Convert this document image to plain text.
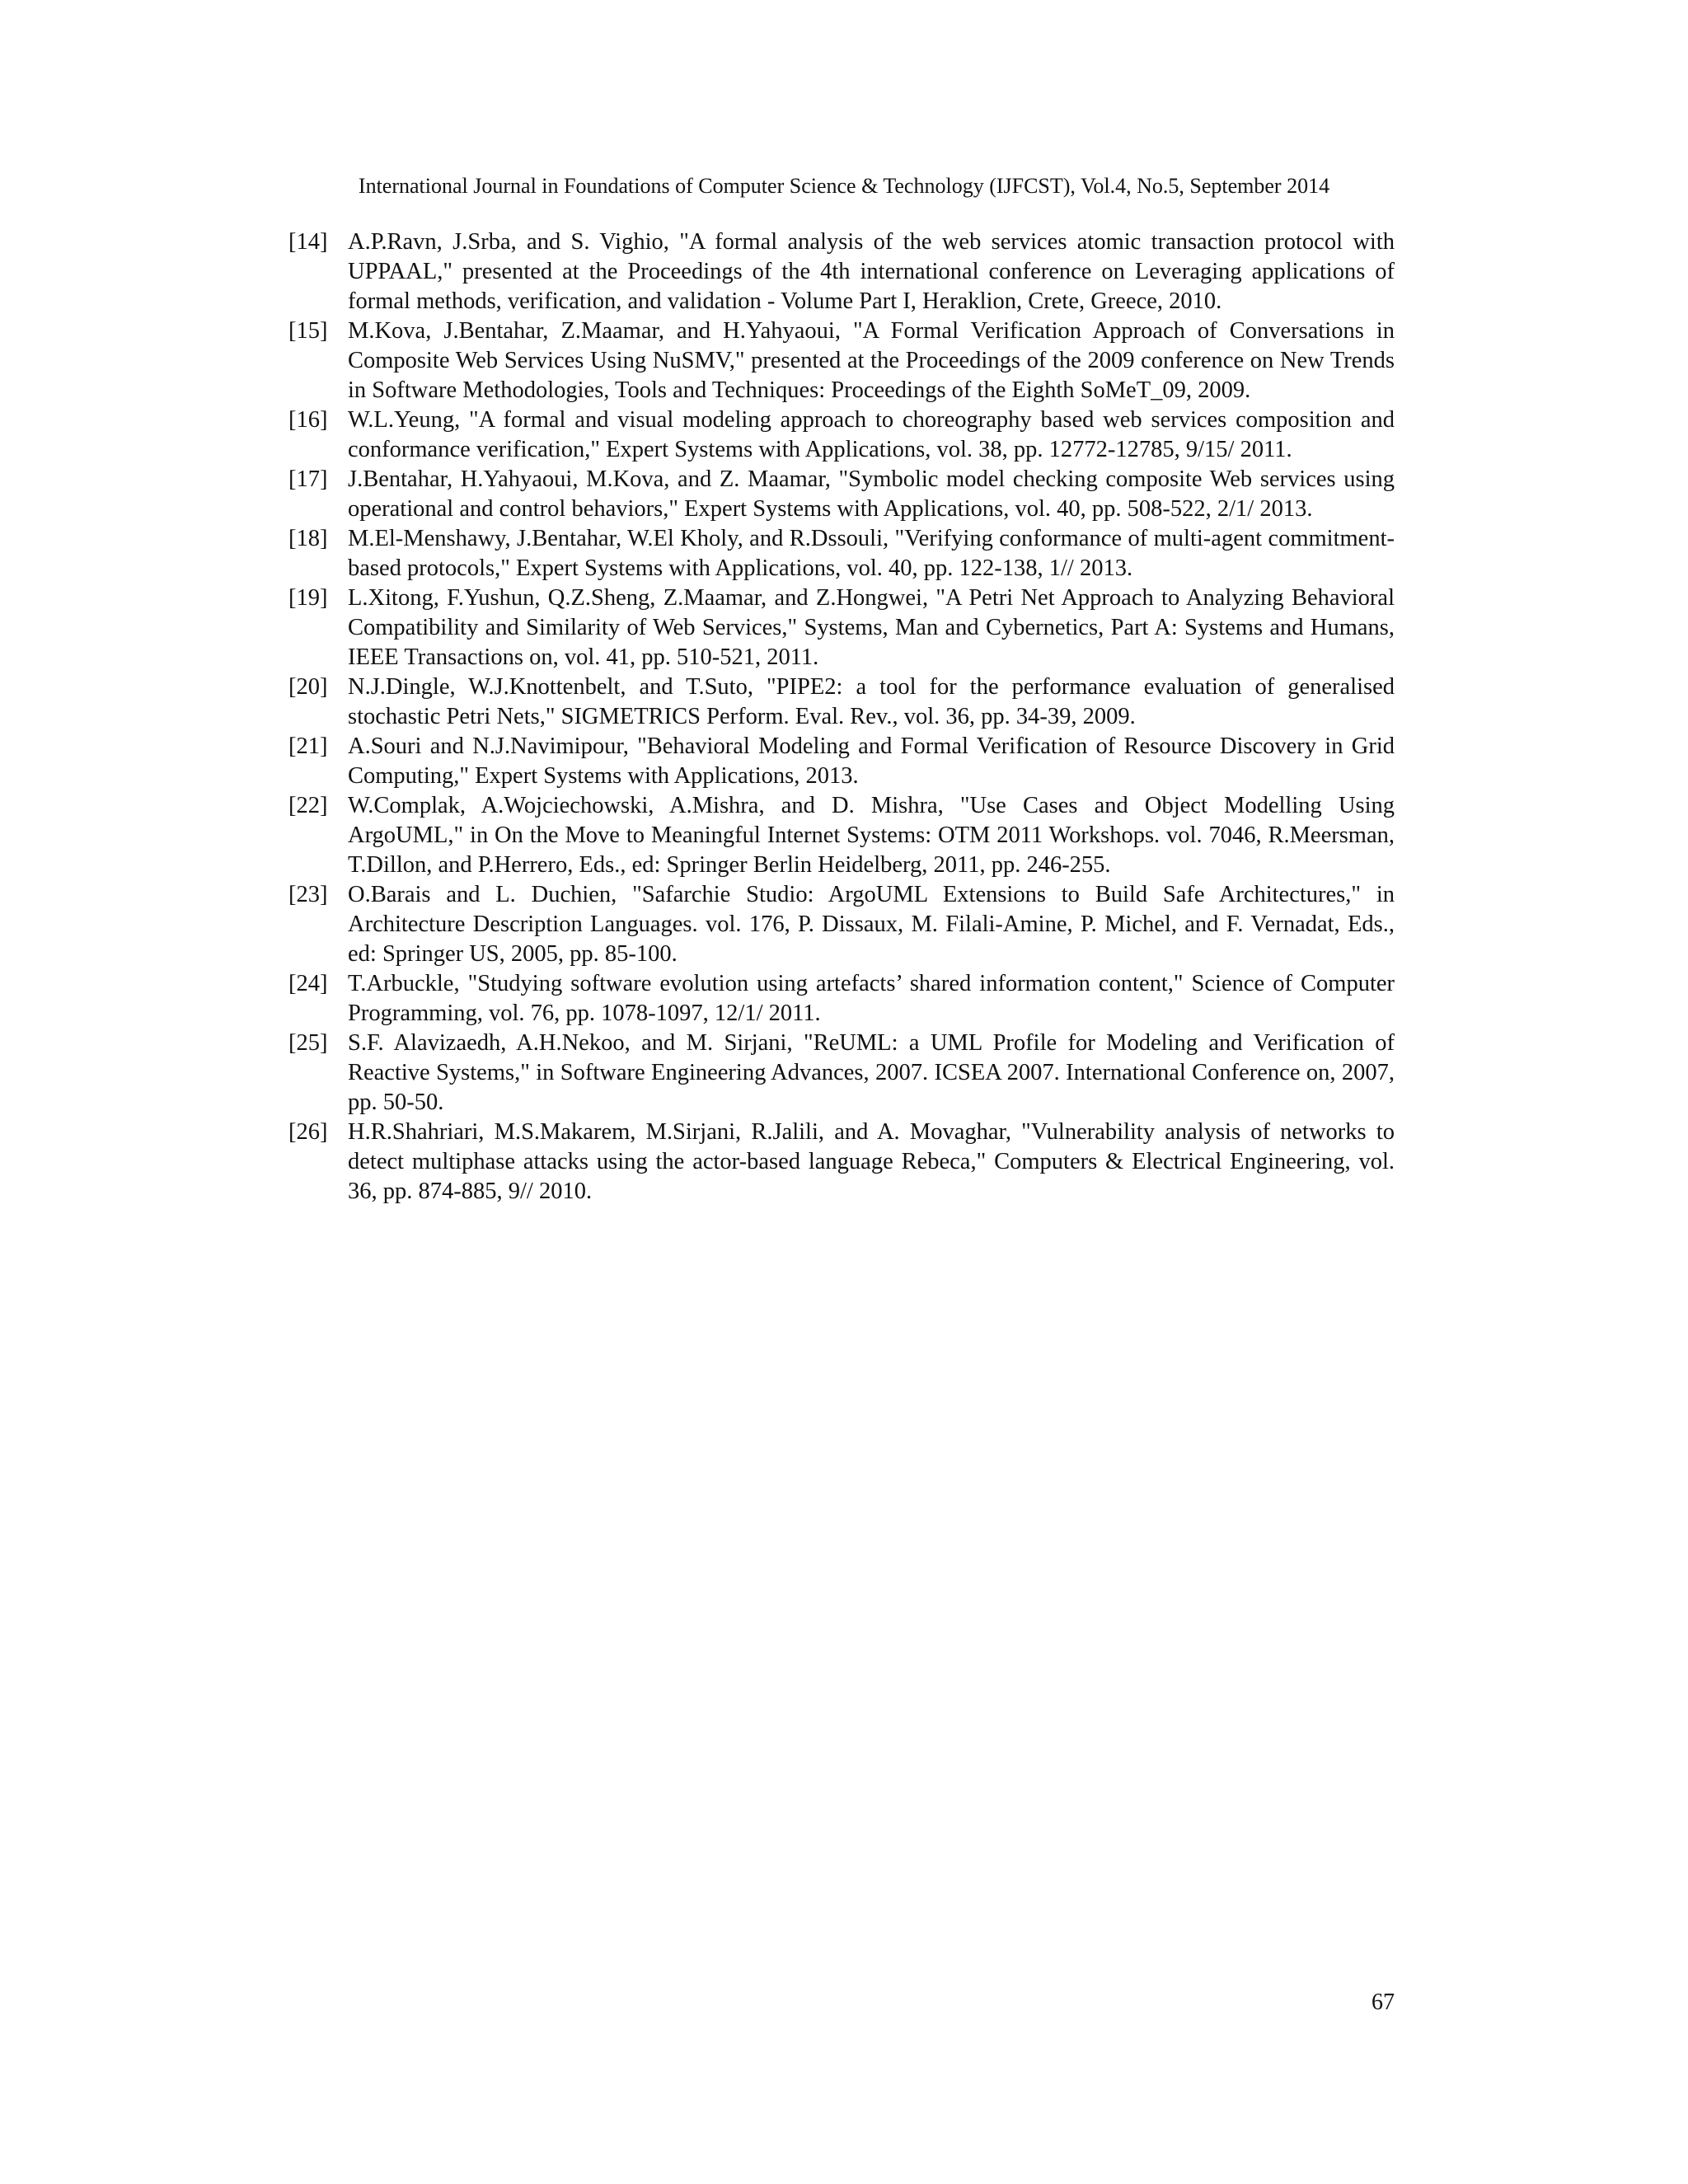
International Journal in Foundations of Computer Science & Technology (IJFCST), Vol.4, No.5, September 2014
[14] A.P.Ravn, J.Srba, and S. Vighio, "A formal analysis of the web services atomic transaction protocol with UPPAAL," presented at the Proceedings of the 4th international conference on Leveraging applications of formal methods, verification, and validation - Volume Part I, Heraklion, Crete, Greece, 2010.

[15] M.Kova, J.Bentahar, Z.Maamar, and H.Yahyaoui, "A Formal Verification Approach of Conversations in Composite Web Services Using NuSMV," presented at the Proceedings of the 2009 conference on New Trends in Software Methodologies, Tools and Techniques: Proceedings of the Eighth SoMeT_09, 2009.

[16] W.L.Yeung, "A formal and visual modeling approach to choreography based web services composition and conformance verification," Expert Systems with Applications, vol. 38, pp. 12772-12785, 9/15/ 2011.

[17] J.Bentahar, H.Yahyaoui, M.Kova, and Z. Maamar, "Symbolic model checking composite Web services using operational and control behaviors," Expert Systems with Applications, vol. 40, pp. 508-522, 2/1/ 2013.

[18] M.El-Menshawy, J.Bentahar, W.El Kholy, and R.Dssouli, "Verifying conformance of multi-agent commitment-based protocols," Expert Systems with Applications, vol. 40, pp. 122-138, 1// 2013.

[19] L.Xitong, F.Yushun, Q.Z.Sheng, Z.Maamar, and Z.Hongwei, "A Petri Net Approach to Analyzing Behavioral Compatibility and Similarity of Web Services," Systems, Man and Cybernetics, Part A: Systems and Humans, IEEE Transactions on, vol. 41, pp. 510-521, 2011.

[20] N.J.Dingle, W.J.Knottenbelt, and T.Suto, "PIPE2: a tool for the performance evaluation of generalised stochastic Petri Nets," SIGMETRICS Perform. Eval. Rev., vol. 36, pp. 34-39, 2009.

[21] A.Souri and N.J.Navimipour, "Behavioral Modeling and Formal Verification of Resource Discovery in Grid Computing," Expert Systems with Applications, 2013.

[22] W.Complak, A.Wojciechowski, A.Mishra, and D. Mishra, "Use Cases and Object Modelling Using ArgoUML," in On the Move to Meaningful Internet Systems: OTM 2011 Workshops. vol. 7046, R.Meersman, T.Dillon, and P.Herrero, Eds., ed: Springer Berlin Heidelberg, 2011, pp. 246-255.

[23] O.Barais and L. Duchien, "Safarchie Studio: ArgoUML Extensions to Build Safe Architectures," in Architecture Description Languages. vol. 176, P. Dissaux, M. Filali-Amine, P. Michel, and F. Vernadat, Eds., ed: Springer US, 2005, pp. 85-100.

[24] T.Arbuckle, "Studying software evolution using artefacts’ shared information content," Science of Computer Programming, vol. 76, pp. 1078-1097, 12/1/ 2011.

[25] S.F. Alavizaedh, A.H.Nekoo, and M. Sirjani, "ReUML: a UML Profile for Modeling and Verification of Reactive Systems," in Software Engineering Advances, 2007. ICSEA 2007. International Conference on, 2007, pp. 50-50.

[26] H.R.Shahriari, M.S.Makarem, M.Sirjani, R.Jalili, and A. Movaghar, "Vulnerability analysis of networks to detect multiphase attacks using the actor-based language Rebeca," Computers & Electrical Engineering, vol. 36, pp. 874-885, 9// 2010.

67
